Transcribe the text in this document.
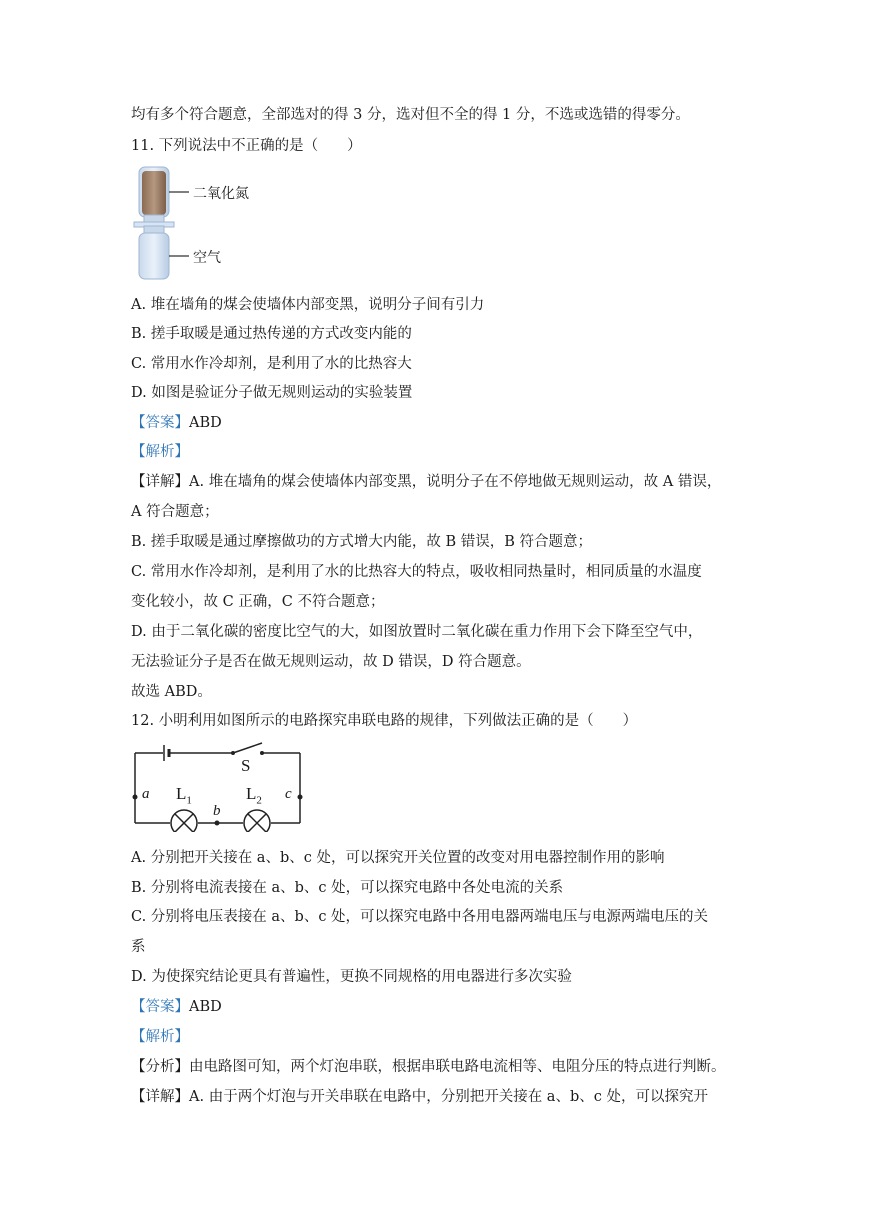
均有多个符合题意，全部选对的得 3 分，选对但不全的得 1 分，不选或选错的得零分。
11. 下列说法中不正确的是（　　）
二氧化氮
空气
A. 堆在墙角的煤会使墙体内部变黑，说明分子间有引力
B. 搓手取暖是通过热传递的方式改变内能的
C. 常用水作冷却剂，是利用了水的比热容大
D. 如图是验证分子做无规则运动的实验装置
【答案】ABD
【解析】
【详解】A. 堆在墙角的煤会使墙体内部变黑，说明分子在不停地做无规则运动，故 A 错误，
A 符合题意；
B. 搓手取暖是通过摩擦做功的方式增大内能，故 B 错误，B 符合题意；
C. 常用水作冷却剂，是利用了水的比热容大的特点，吸收相同热量时，相同质量的水温度
变化较小，故 C 正确，C 不符合题意；
D. 由于二氧化碳的密度比空气的大，如图放置时二氧化碳在重力作用下会下降至空气中，
无法验证分子是否在做无规则运动，故 D 错误，D 符合题意。
故选 ABD。
12. 小明利用如图所示的电路探究串联电路的规律，下列做法正确的是（　　）
S
$L_1$	$L_2$
a
b
c
A. 分别把开关接在 a、b、c 处，可以探究开关位置的改变对用电器控制作用的影响
B. 分别将电流表接在 a、b、c 处，可以探究电路中各处电流的关系
C. 分别将电压表接在 a、b、c 处，可以探究电路中各用电器两端电压与电源两端电压的关
系
D. 为使探究结论更具有普遍性，更换不同规格的用电器进行多次实验
【答案】ABD
【解析】
【分析】由电路图可知，两个灯泡串联，根据串联电路电流相等、电阻分压的特点进行判断。
【详解】A. 由于两个灯泡与开关串联在电路中，分别把开关接在 a、b、c 处，可以探究开
